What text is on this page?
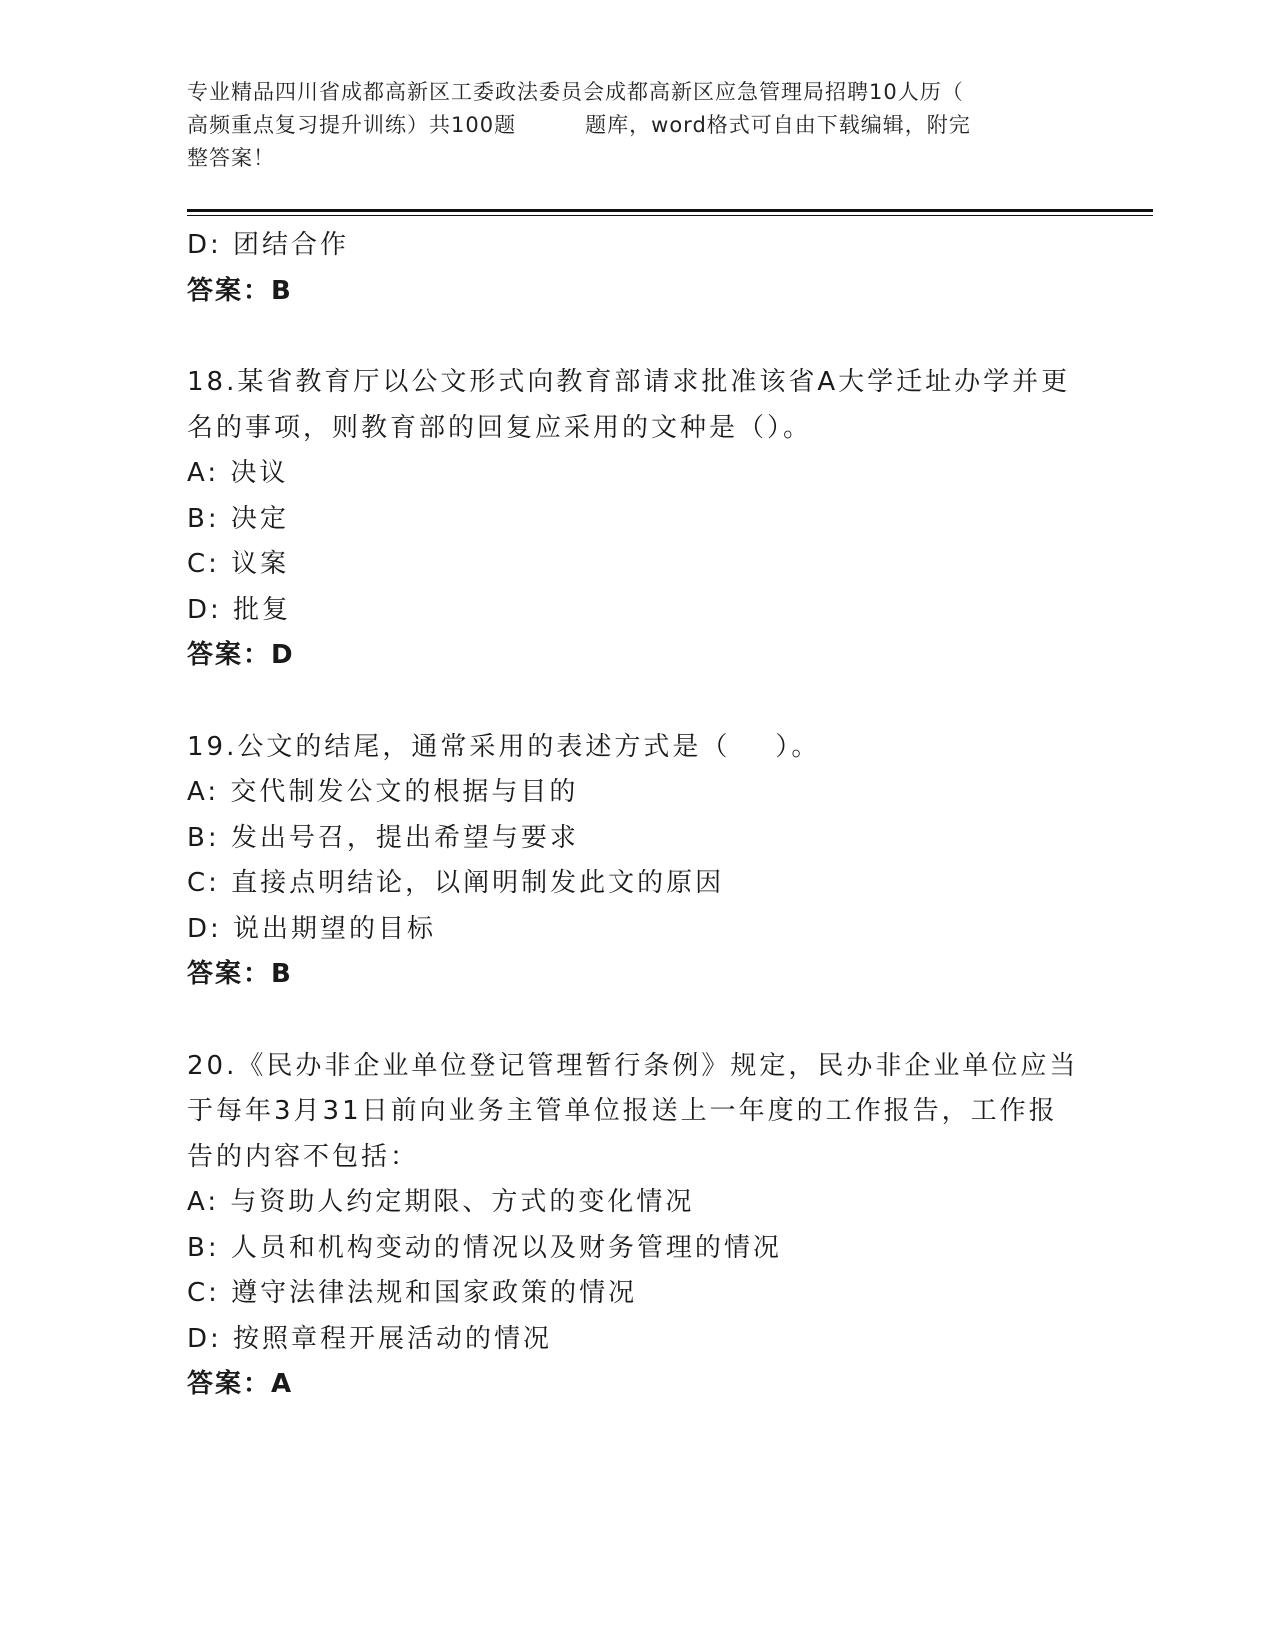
专业精品四川省成都高新区工委政法委员会成都高新区应急管理局招聘10人历（
高频重点复习提升训练）共100题         题库，word格式可自由下载编辑，附完
整答案！
D: 团结合作
答案：B
18.某省教育厅以公文形式向教育部请求批准该省A大学迁址办学并更
名的事项，则教育部的回复应采用的文种是（）。
A: 决议
B: 决定
C: 议案
D: 批复
答案：D
19.公文的结尾，通常采用的表述方式是（    ）。
A: 交代制发公文的根据与目的
B: 发出号召，提出希望与要求
C: 直接点明结论，以阐明制发此文的原因
D: 说出期望的目标
答案：B
20.《民办非企业单位登记管理暂行条例》规定，民办非企业单位应当
于每年3月31日前向业务主管单位报送上一年度的工作报告，工作报
告的内容不包括：
A: 与资助人约定期限、方式的变化情况
B: 人员和机构变动的情况以及财务管理的情况
C: 遵守法律法规和国家政策的情况
D: 按照章程开展活动的情况
答案：A
